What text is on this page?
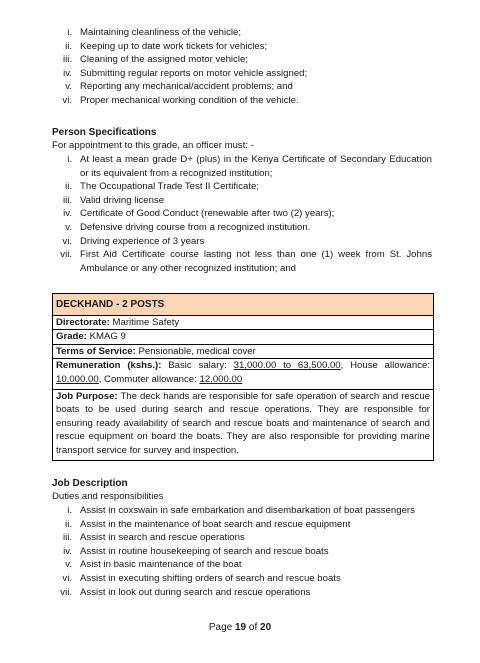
i. Maintaining cleanliness of the vehicle;
ii. Keeping up to date work tickets for vehicles;
iii. Cleaning of the assigned motor vehicle;
iv. Submitting regular reports on motor vehicle assigned;
v. Reporting any mechanical/accident problems; and
vi. Proper mechanical working condition of the vehicle.
Person Specifications
For appointment to this grade, an officer must: -
i. At least a mean grade D+ (plus) in the Kenya Certificate of Secondary Education or its equivalent from a recognized institution;
ii. The Occupational Trade Test II Certificate;
iii. Valid driving license
iv. Certificate of Good Conduct (renewable after two (2) years);
v. Defensive driving course from a recognized institution.
vi. Driving experience of 3 years
vii. First Aid Certificate course lasting not less than one (1) week from St. Johns Ambulance or any other recognized institution; and
DECKHAND - 2 POSTS
Directorate: Maritime Safety
Grade: KMAG 9
Terms of Service: Pensionable, medical cover
Remuneration (kshs.): Basic salary: 31,000.00 to 63,500.00, House allowance: 10,000.00, Commuter allowance: 12,000.00
Job Purpose: The deck hands are responsible for safe operation of search and rescue boats to be used during search and rescue operations. They are responsible for ensuring ready availability of search and rescue boats and maintenance of search and rescue equipment on board the boats. They are also responsible for providing marine transport service for survey and inspection.
Job Description
Duties and responsibilities
i. Assist in coxswain in safe embarkation and disembarkation of boat passengers
ii. Assist in the maintenance of boat search and rescue equipment
iii. Assist in search and rescue operations
iv. Assist in routine housekeeping of search and rescue boats
v. Asist in basic maintenance of the boat
vi. Assist in executing shifting orders of search and rescue boats
vii. Assist in look out during search and rescue operations
Page 19 of 20
